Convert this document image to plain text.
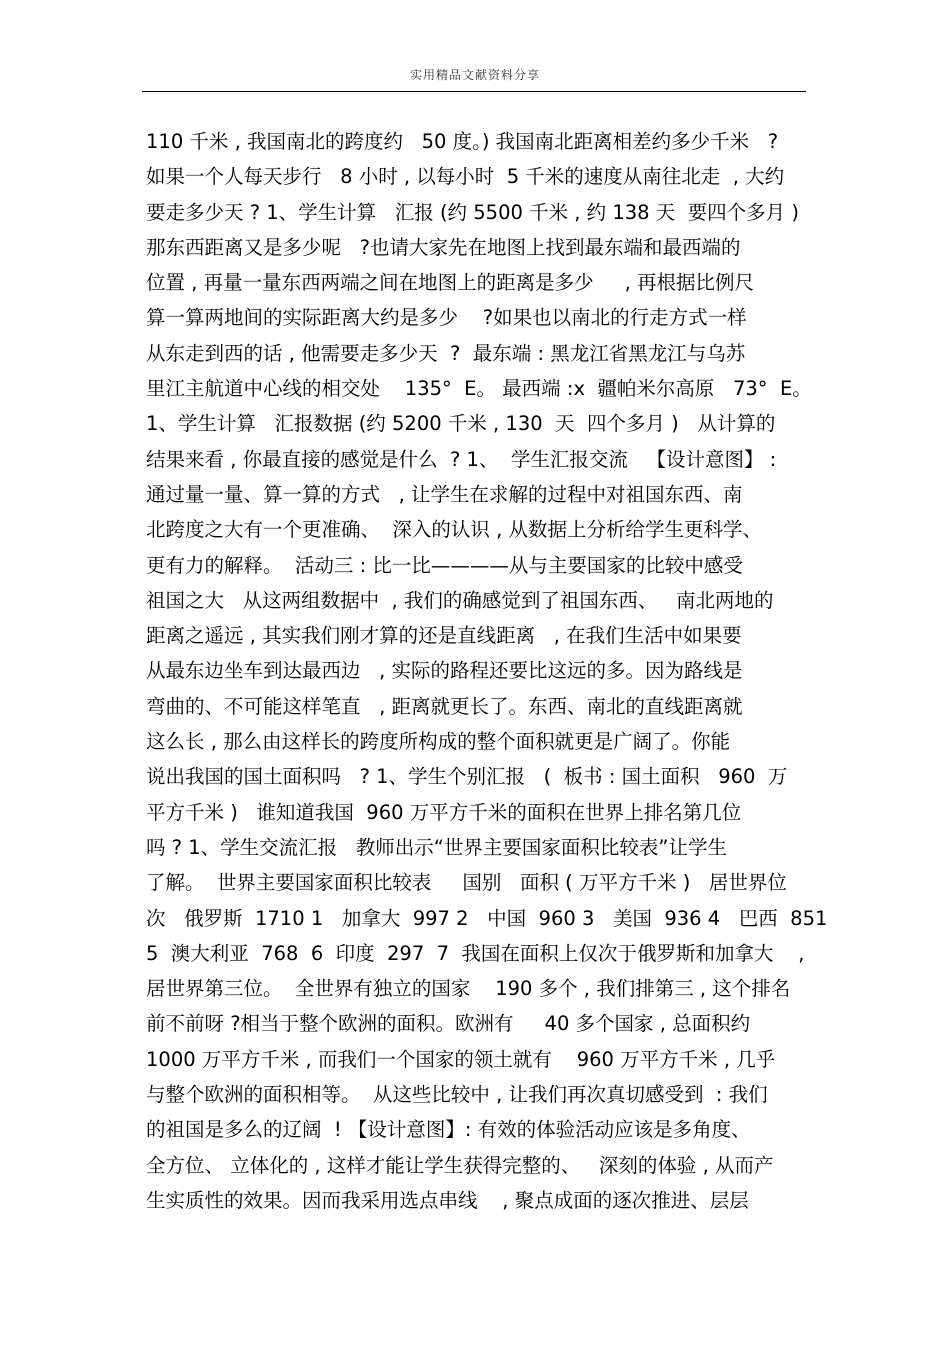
实用精品文献资料分享
110 千米 , 我国南北的跨度约   50 度。) 我国南北距离相差约多少千米   ?
如果一个人每天步行   8 小时 , 以每小时  5 千米的速度从南往北走  , 大约
要走多少天 ? 1、学生计算   汇报 (约 5500 千米 , 约 138 天  要四个多月 )
那东西距离又是多少呢   ?也请大家先在地图上找到最东端和最西端的
位置 , 再量一量东西两端之间在地图上的距离是多少     , 再根据比例尺
算一算两地间的实际距离大约是多少    ?如果也以南北的行走方式一样
从东走到西的话 , 他需要走多少天  ?  最东端 : 黑龙江省黑龙江与乌苏
里江主航道中心线的相交处    135°  E。 最西端 :x  疆帕米尔高原   73°  E。
1、学生计算   汇报数据 (约 5200 千米 , 130  天  四个多月 )   从计算的
结果来看 , 你最直接的感觉是什么  ? 1、  学生汇报交流   【设计意图】 :
通过量一量、算一算的方式   , 让学生在求解的过程中对祖国东西、南
北跨度之大有一个更准确、  深入的认识 , 从数据上分析给学生更科学、
更有力的解释。  活动三 : 比一比————从与主要国家的比较中感受
祖国之大   从这两组数据中  , 我们的确感觉到了祖国东西、   南北两地的
距离之遥远 , 其实我们刚才算的还是直线距离   , 在我们生活中如果要
从最东边坐车到达最西边   , 实际的路程还要比这远的多。因为路线是
弯曲的、不可能这样笔直   , 距离就更长了。东西、南北的直线距离就
这么长 , 那么由这样长的跨度所构成的整个面积就更是广阔了。你能
说出我国的国土面积吗   ? 1、学生个别汇报   (  板书 : 国土面积   960  万
平方千米 )   谁知道我国  960 万平方千米的面积在世界上排名第几位
吗 ? 1、学生交流汇报   教师出示“世界主要国家面积比较表”让学生
了解。  世界主要国家面积比较表     国别   面积 ( 万平方千米 )   居世界位
次   俄罗斯  1710 1   加拿大  997 2   中国  960 3   美国  936 4   巴西  851
5  澳大利亚  768  6  印度  297  7  我国在面积上仅次于俄罗斯和加拿大    ,
居世界第三位。  全世界有独立的国家    190 多个 , 我们排第三 , 这个排名
前不前呀 ?相当于整个欧洲的面积。欧洲有     40 多个国家 , 总面积约
1000 万平方千米 , 而我们一个国家的领土就有    960 万平方千米 , 几乎
与整个欧洲的面积相等。  从这些比较中 , 让我们再次真切感受到  : 我们
的祖国是多么的辽阔  ! 【设计意图】: 有效的体验活动应该是多角度、
全方位、 立体化的 , 这样才能让学生获得完整的、   深刻的体验 , 从而产
生实质性的效果。因而我采用选点串线    , 聚点成面的逐次推进、层层
